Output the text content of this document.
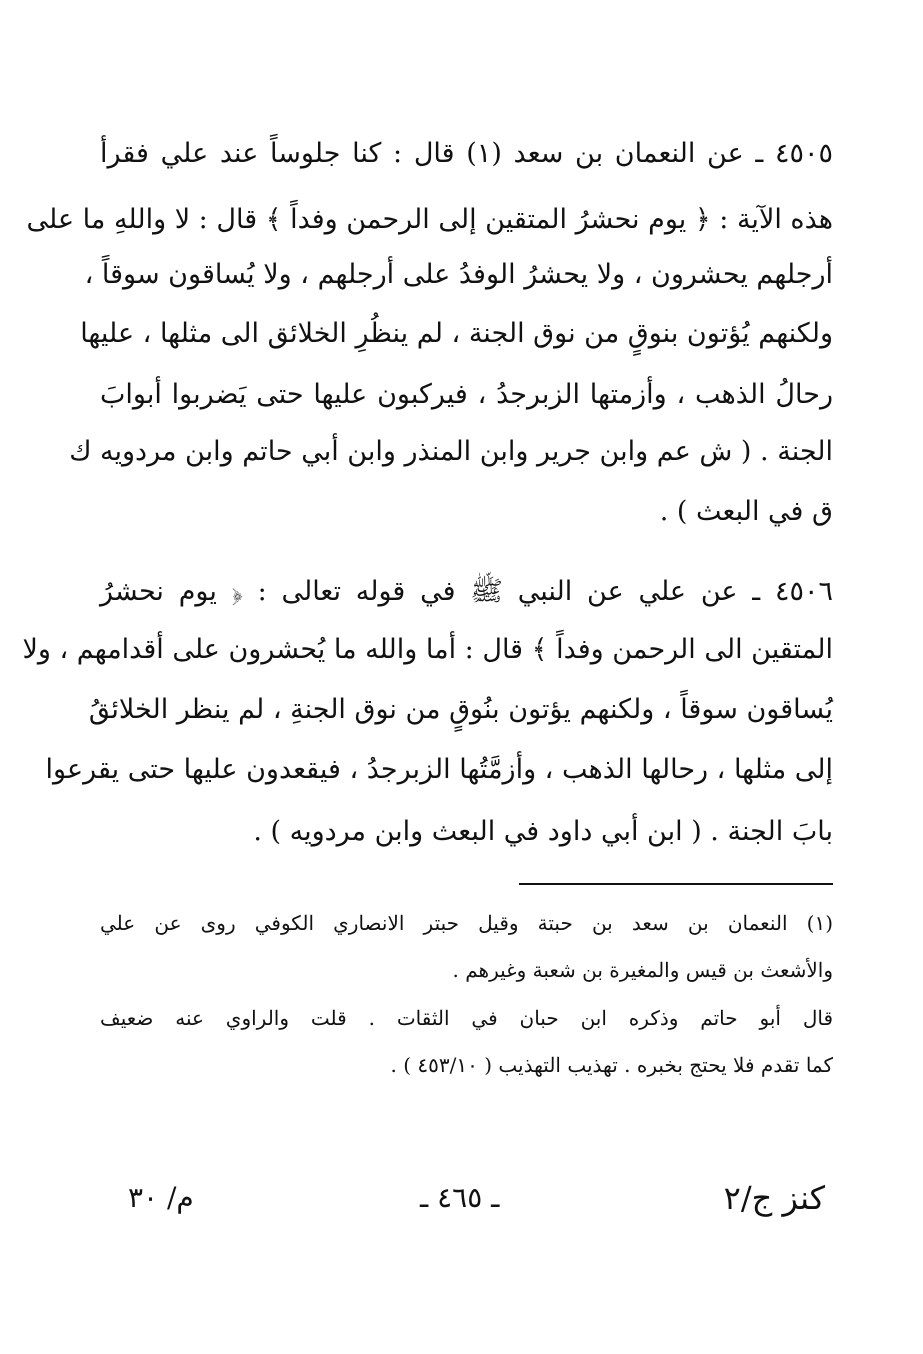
٤٥٠٥ ـ عن النعمان بن سعد (١) قال : كنا جلوساً عند علي فقرأ
هذه الآية : ﴿ يوم نحشرُ المتقين إلى الرحمن وفداً ﴾ قال : لا واللهِ ما على
أرجلهم يحشرون ، ولا يحشرُ الوفدُ على أرجلهم ، ولا يُساقون سوقاً ،
ولكنهم يُؤتون بنوقٍ من نوق الجنة ، لم ينظُرِ الخلائق الى مثلها ، عليها
رحالُ الذهب ، وأزمتها الزبرجدُ ، فيركبون عليها حتى يَضربوا أبوابَ
الجنة . ( ش عم وابن جرير وابن المنذر وابن أبي حاتم وابن مردويه ك
ق في البعث ) .
٤٥٠٦ ـ عن علي عن النبي ﷺ في قوله تعالى : ﴿ يوم نحشرُ
المتقين الى الرحمن وفداً ﴾ قال : أما والله ما يُحشرون على أقدامهم ، ولا
يُساقون سوقاً ، ولكنهم يؤتون بنُوقٍ من نوق الجنةِ ، لم ينظر الخلائقُ
إلى مثلها ، رحالها الذهب ، وأزمَّتُها الزبرجدُ ، فيقعدون عليها حتى يقرعوا
بابَ الجنة . ( ابن أبي داود في البعث وابن مردويه ) .
(١) النعمان بن سعد بن حبتة وقيل حبتر الانصاري الكوفي روى عن علي
والأشعث بن قيس والمغيرة بن شعبة وغيرهم .
قال أبو حاتم وذكره ابن حبان في الثقات . قلت والراوي عنه ضعيف
كما تقدم فلا يحتج بخبره . تهذيب التهذيب ( ٤٥٣/١٠ ) .
كنز ج/٢
ـ ٤٦٥ ـ
م/ ٣٠
